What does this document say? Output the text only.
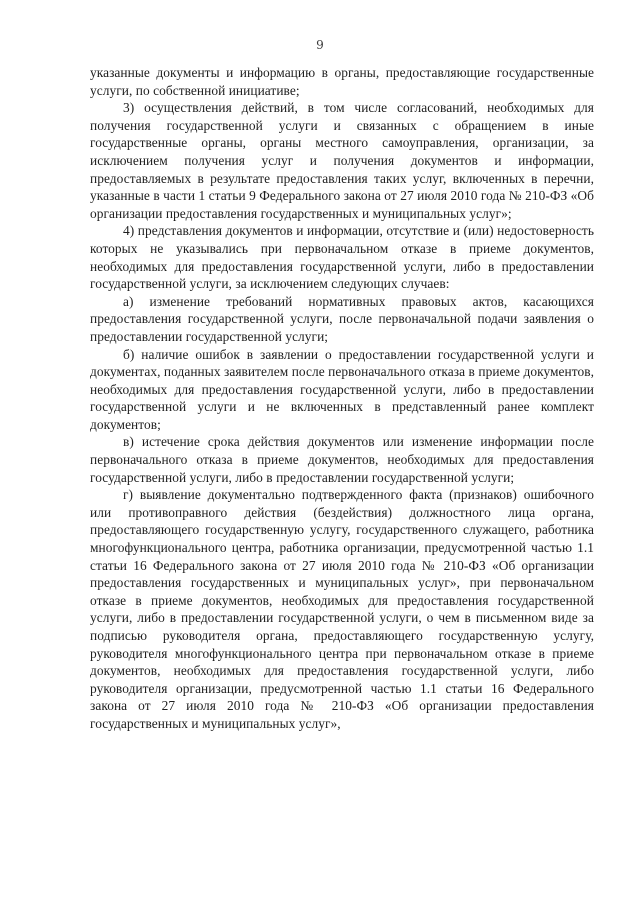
9

указанные документы и информацию в органы, предоставляющие государственные услуги, по собственной инициативе;

3) осуществления действий, в том числе согласований, необходимых для получения государственной услуги и связанных с обращением в иные государственные органы, органы местного самоуправления, организации, за исключением получения услуг и получения документов и информации, предоставляемых в результате предоставления таких услуг, включенных в перечни, указанные в части 1 статьи 9 Федерального закона от 27 июля 2010 года № 210-ФЗ «Об организации предоставления государственных и муниципальных услуг»;

4) представления документов и информации, отсутствие и (или) недостоверность которых не указывались при первоначальном отказе в приеме документов, необходимых для предоставления государственной услуги, либо в предоставлении государственной услуги, за исключением следующих случаев:

а) изменение требований нормативных правовых актов, касающихся предоставления государственной услуги, после первоначальной подачи заявления о предоставлении государственной услуги;

б) наличие ошибок в заявлении о предоставлении государственной услуги и документах, поданных заявителем после первоначального отказа в приеме документов, необходимых для предоставления государственной услуги, либо в предоставлении государственной услуги и не включенных в представленный ранее комплект документов;

в) истечение срока действия документов или изменение информации после первоначального отказа в приеме документов, необходимых для предоставления государственной услуги, либо в предоставлении государственной услуги;

г) выявление документально подтвержденного факта (признаков) ошибочного или противоправного действия (бездействия) должностного лица органа, предоставляющего государственную услугу, государственного служащего, работника многофункционального центра, работника организации, предусмотренной частью 1.1 статьи 16 Федерального закона от 27 июля 2010 года № 210-ФЗ «Об организации предоставления государственных и муниципальных услуг», при первоначальном отказе в приеме документов, необходимых для предоставления государственной услуги, либо в предоставлении государственной услуги, о чем в письменном виде за подписью руководителя органа, предоставляющего государственную услугу, руководителя многофункционального центра при первоначальном отказе в приеме документов, необходимых для предоставления государственной услуги, либо руководителя организации, предусмотренной частью 1.1 статьи 16 Федерального закона от 27 июля 2010 года № 210-ФЗ «Об организации предоставления государственных и муниципальных услуг»,
